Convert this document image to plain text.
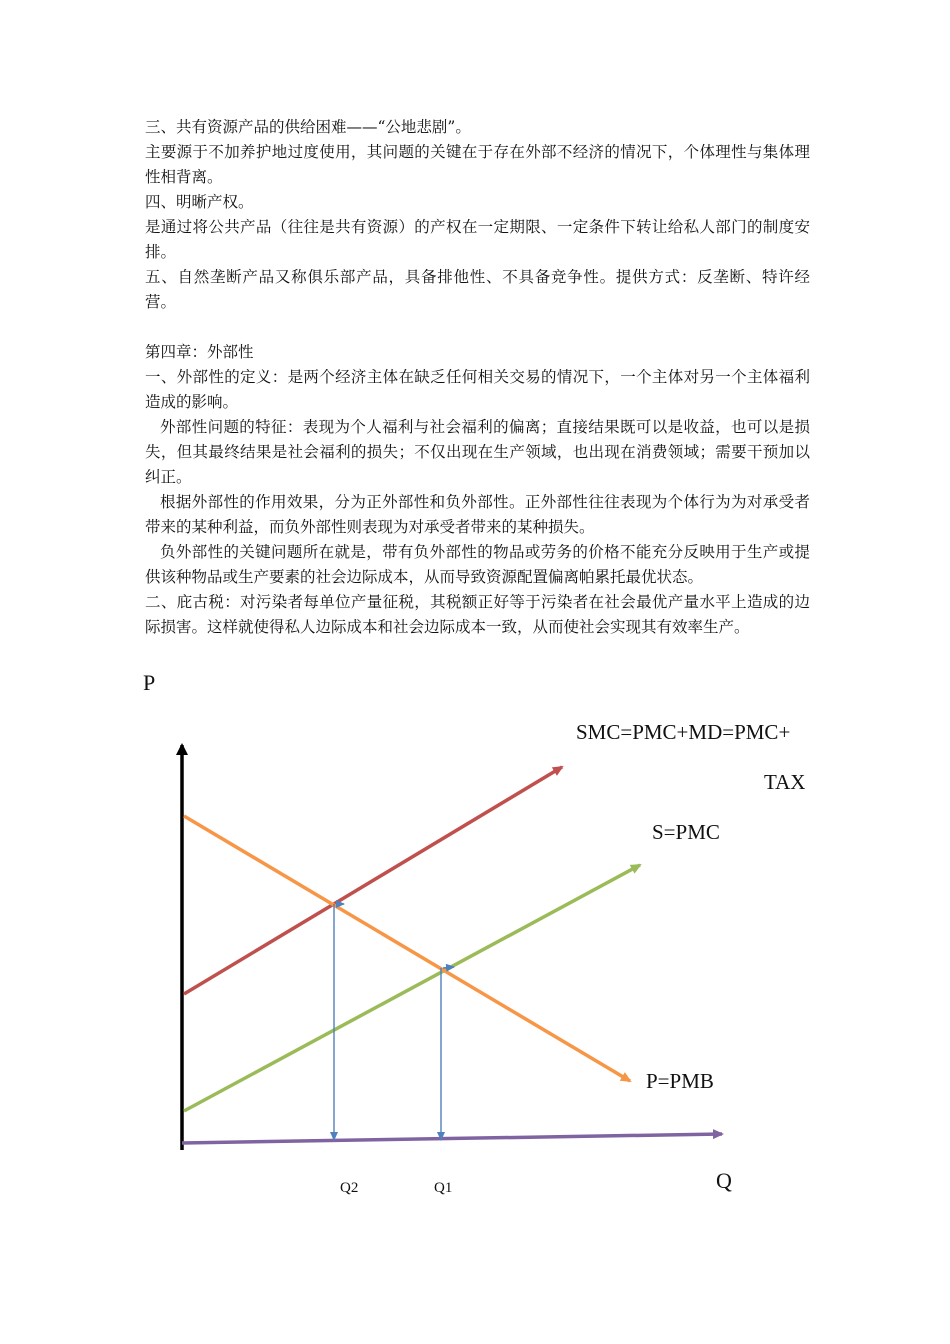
三、共有资源产品的供给困难——“公地悲剧”。

主要源于不加养护地过度使用，其问题的关键在于存在外部不经济的情况下，个体理性与集体理性相背离。

四、明晰产权。

是通过将公共产品（往往是共有资源）的产权在一定期限、一定条件下转让给私人部门的制度安排。

五、自然垄断产品又称俱乐部产品，具备排他性、不具备竞争性。提供方式：反垄断、特许经营。

第四章：外部性

一、外部性的定义：是两个经济主体在缺乏任何相关交易的情况下，一个主体对另一个主体福利造成的影响。

外部性问题的特征：表现为个人福利与社会福利的偏离；直接结果既可以是收益，也可以是损失，但其最终结果是社会福利的损失；不仅出现在生产领域，也出现在消费领域；需要干预加以纠正。

根据外部性的作用效果，分为正外部性和负外部性。正外部性往往表现为个体行为为对承受者带来的某种利益，而负外部性则表现为对承受者带来的某种损失。

负外部性的关键问题所在就是，带有负外部性的物品或劳务的价格不能充分反映用于生产或提供该种物品或生产要素的社会边际成本，从而导致资源配置偏离帕累托最优状态。

二、庇古税：对污染者每单位产量征税，其税额正好等于污染者在社会最优产量水平上造成的边际损害。这样就使得私人边际成本和社会边际成本一致，从而使社会实现其有效率生产。

P
SMC=PMC+MD=PMC+
TAX
S=PMC
P=PMB
Q2	Q1	Q
